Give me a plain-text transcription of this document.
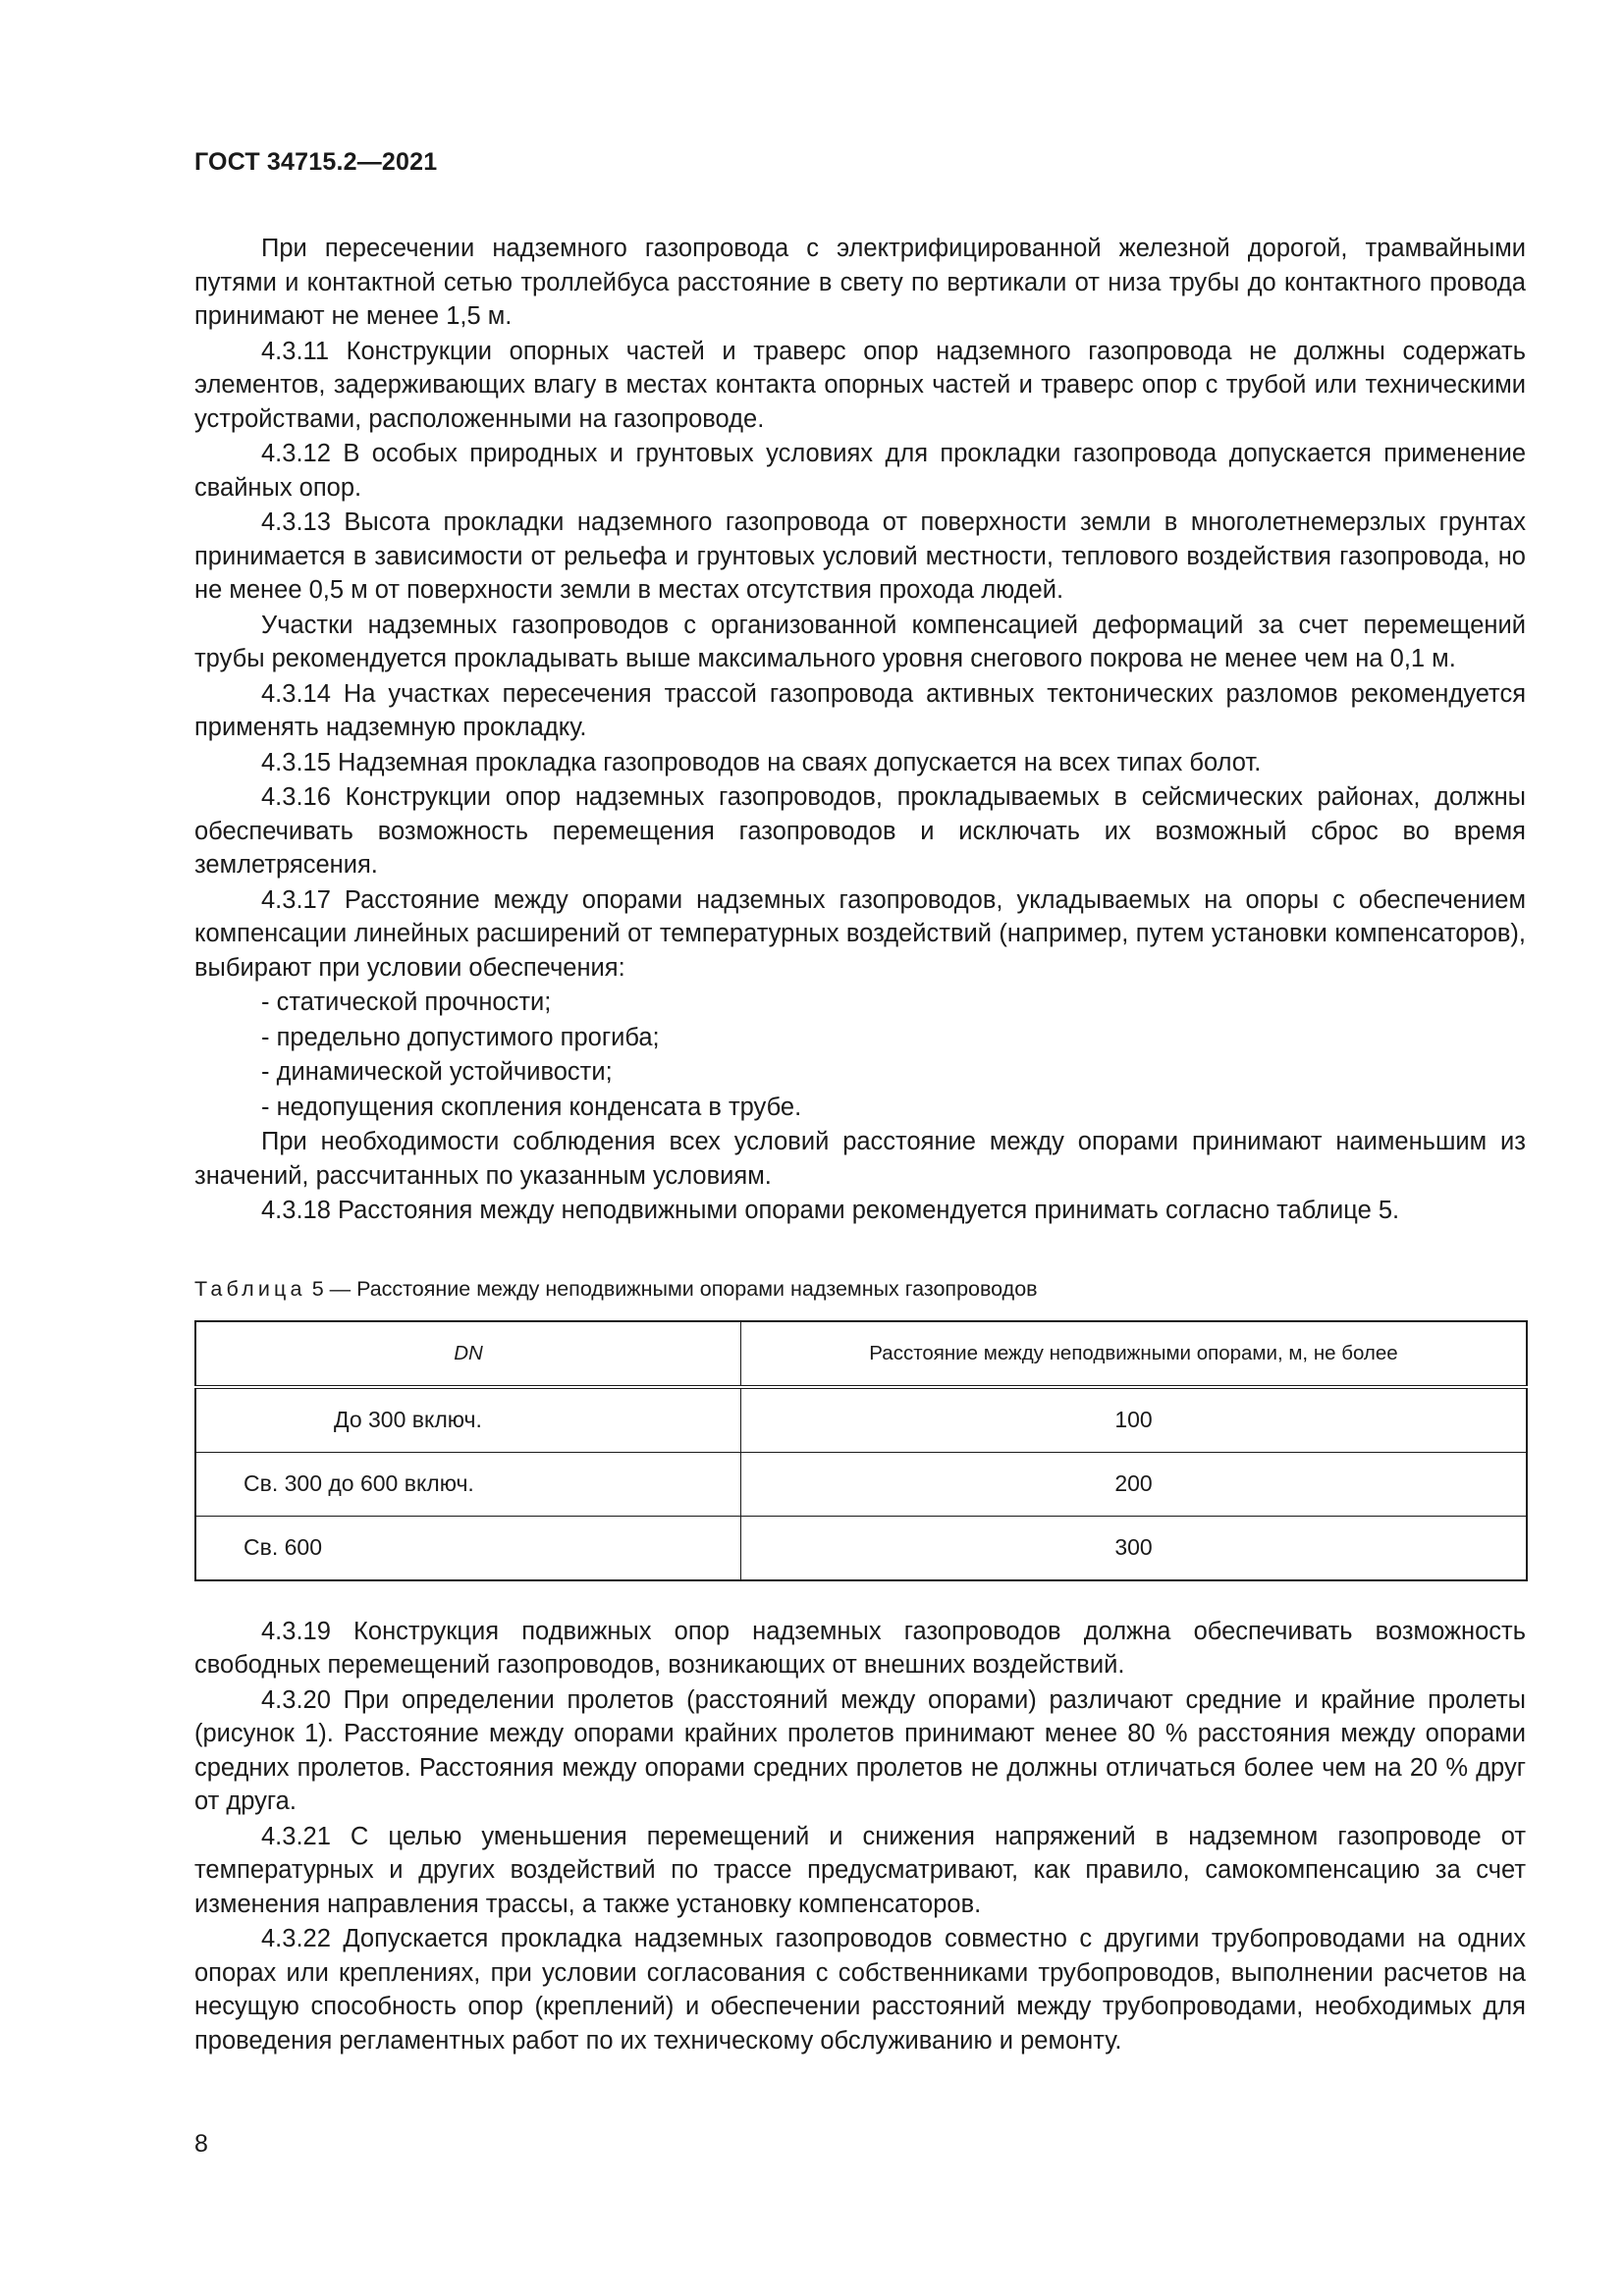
ГОСТ 34715.2—2021

При пересечении надземного газопровода с электрифицированной железной дорогой, трамвайными путями и контактной сетью троллейбуса расстояние в свету по вертикали от низа трубы до контактного провода принимают не менее 1,5 м.

4.3.11 Конструкции опорных частей и траверс опор надземного газопровода не должны содержать элементов, задерживающих влагу в местах контакта опорных частей и траверс опор с трубой или техническими устройствами, расположенными на газопроводе.

4.3.12 В особых природных и грунтовых условиях для прокладки газопровода допускается применение свайных опор.

4.3.13 Высота прокладки надземного газопровода от поверхности земли в многолетнемерзлых грунтах принимается в зависимости от рельефа и грунтовых условий местности, теплового воздействия газопровода, но не менее 0,5 м от поверхности земли в местах отсутствия прохода людей.

Участки надземных газопроводов с организованной компенсацией деформаций за счет перемещений трубы рекомендуется прокладывать выше максимального уровня снегового покрова не менее чем на 0,1 м.

4.3.14 На участках пересечения трассой газопровода активных тектонических разломов рекомендуется применять надземную прокладку.

4.3.15 Надземная прокладка газопроводов на сваях допускается на всех типах болот.

4.3.16 Конструкции опор надземных газопроводов, прокладываемых в сейсмических районах, должны обеспечивать возможность перемещения газопроводов и исключать их возможный сброс во время землетрясения.

4.3.17 Расстояние между опорами надземных газопроводов, укладываемых на опоры с обеспечением компенсации линейных расширений от температурных воздействий (например, путем установки компенсаторов), выбирают при условии обеспечения:

- статической прочности;

- предельно допустимого прогиба;

- динамической устойчивости;

- недопущения скопления конденсата в трубе.

При необходимости соблюдения всех условий расстояние между опорами принимают наименьшим из значений, рассчитанных по указанным условиям.

4.3.18 Расстояния между неподвижными опорами рекомендуется принимать согласно таблице 5.

Таблица 5 — Расстояние между неподвижными опорами надземных газопроводов
DN	Расстояние между неподвижными опорами, м, не более
До 300 включ.	100
Св. 300 до 600 включ.	200
Св. 600	300

4.3.19 Конструкция подвижных опор надземных газопроводов должна обеспечивать возможность свободных перемещений газопроводов, возникающих от внешних воздействий.

4.3.20 При определении пролетов (расстояний между опорами) различают средние и крайние пролеты (рисунок 1). Расстояние между опорами крайних пролетов принимают менее 80 % расстояния между опорами средних пролетов. Расстояния между опорами средних пролетов не должны отличаться более чем на 20 % друг от друга.

4.3.21 С целью уменьшения перемещений и снижения напряжений в надземном газопроводе от температурных и других воздействий по трассе предусматривают, как правило, самокомпенсацию за счет изменения направления трассы, а также установку компенсаторов.

4.3.22 Допускается прокладка надземных газопроводов совместно с другими трубопроводами на одних опорах или креплениях, при условии согласования с собственниками трубопроводов, выполнении расчетов на несущую способность опор (креплений) и обеспечении расстояний между трубопроводами, необходимых для проведения регламентных работ по их техническому обслуживанию и ремонту.

8
